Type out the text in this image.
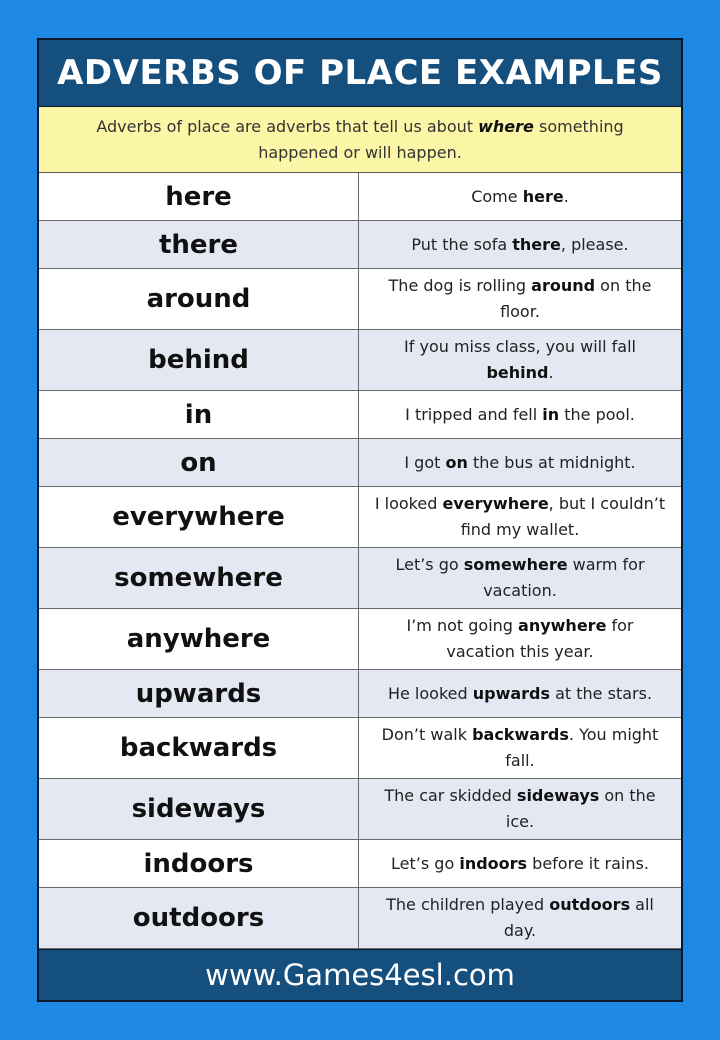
ADVERBS OF PLACE EXAMPLES
Adverbs of place are adverbs that tell us about where something happened or will happen.
here	Come here.
there	Put the sofa there, please.
around	The dog is rolling around on the floor.
behind	If you miss class, you will fall behind.
in	I tripped and fell in the pool.
on	I got on the bus at midnight.
everywhere	I looked everywhere, but I couldn’t find my wallet.
somewhere	Let’s go somewhere warm for vacation.
anywhere	I’m not going anywhere for vacation this year.
upwards	He looked upwards at the stars.
backwards	Don’t walk backwards. You might fall.
sideways	The car skidded sideways on the ice.
indoors	Let’s go indoors before it rains.
outdoors	The children played outdoors all day.
www.Games4esl.com
